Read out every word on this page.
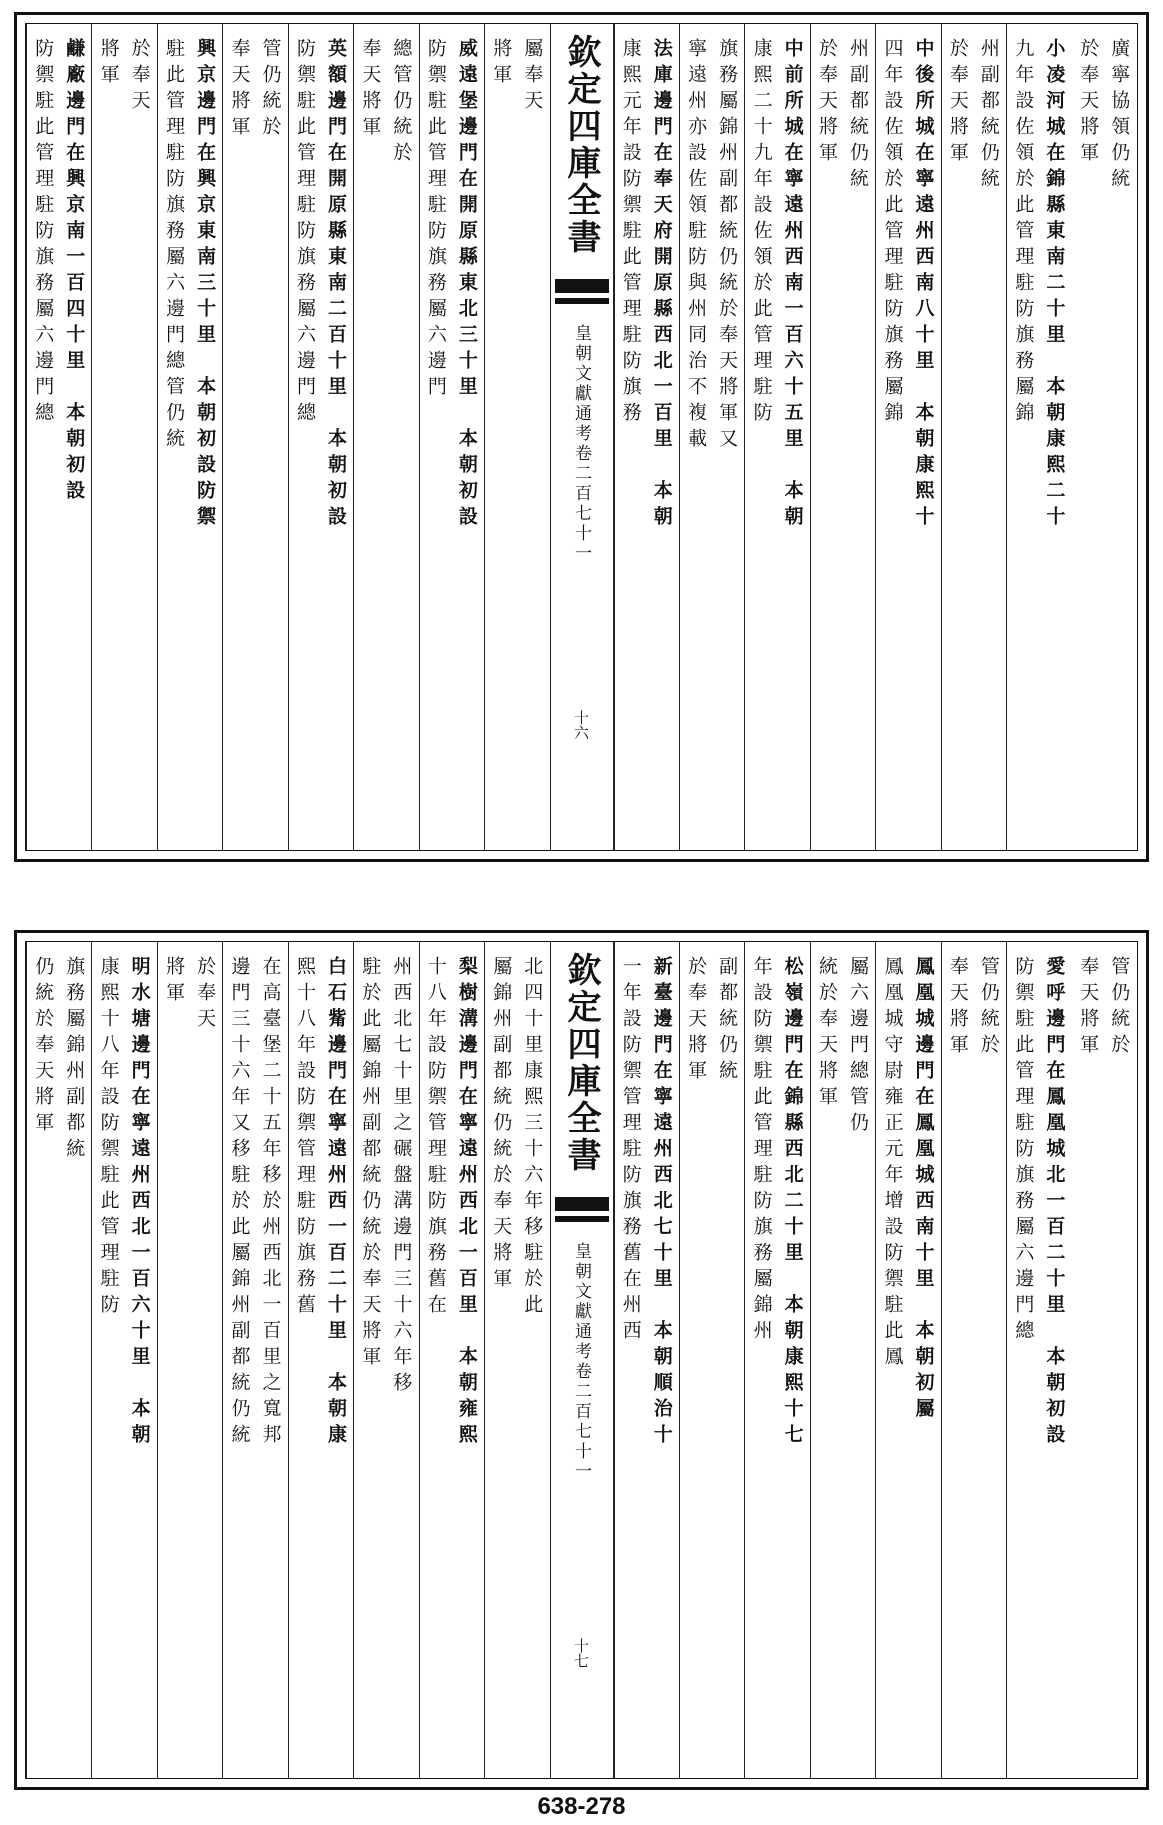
廣寧協領仍統
於奉天將軍
小凌河城在錦縣東南二十里　本朝康熙二十
九年設佐領於此管理駐防旗務屬錦
州副都統仍統
於奉天將軍
中後所城在寧遠州西南八十里　本朝康熙十
四年設佐領於此管理駐防旗務屬錦
州副都統仍統
於奉天將軍
中前所城在寧遠州西南一百六十五里　本朝
康熙二十九年設佐領於此管理駐防
旗務屬錦州副都統仍統於奉天將軍又
寧遠州亦設佐領駐防與州同治不複載
法庫邊門在奉天府開原縣西北一百里　本朝
康熙元年設防禦駐此管理駐防旗務
屬奉天
將軍
威遠堡邊門在開原縣東北三十里　本朝初設
防禦駐此管理駐防旗務屬六邊門
總管仍統於
奉天將軍
英額邊門在開原縣東南二百十里　本朝初設
防禦駐此管理駐防旗務屬六邊門總
管仍統於
奉天將軍
興京邊門在興京東南三十里　本朝初設防禦
駐此管理駐防旗務屬六邊門總管仍統
於奉天
將軍
鹻廠邊門在興京南一百四十里　本朝初設
防禦駐此管理駐防旗務屬六邊門總	欽定四庫全書
皇朝文獻通考卷二百七十一
十六
管仍統於
奉天將軍
愛呼邊門在鳳凰城北一百二十里　本朝初設
防禦駐此管理駐防旗務屬六邊門總
管仍統於
奉天將軍
鳳凰城邊門在鳳凰城西南十里　本朝初屬
鳳凰城守尉雍正元年增設防禦駐此鳳
屬六邊門總管仍
統於奉天將軍
松嶺邊門在錦縣西北二十里　本朝康熙十七
年設防禦駐此管理駐防旗務屬錦州
副都統仍統
於奉天將軍
新臺邊門在寧遠州西北七十里　本朝順治十
一年設防禦管理駐防旗務舊在州西
北四十里康熙三十六年移駐於此
屬錦州副都統仍統於奉天將軍
梨樹溝邊門在寧遠州西北一百里　本朝雍熙
十八年設防禦管理駐防旗務舊在
州西北七十里之碾盤溝邊門三十六年移
駐於此屬錦州副都統仍統於奉天將軍
白石觜邊門在寧遠州西一百二十里　本朝康
熙十八年設防禦管理駐防旗務舊
在高臺堡二十五年移於州西北一百里之寬邦
邊門三十六年又移駐於此屬錦州副都統仍統
於奉天
將軍
明水塘邊門在寧遠州西北一百六十里　本朝
康熙十八年設防禦駐此管理駐防
旗務屬錦州副都統
仍統於奉天將軍	欽定四庫全書
皇朝文獻通考卷二百七十一
十七
638-278
